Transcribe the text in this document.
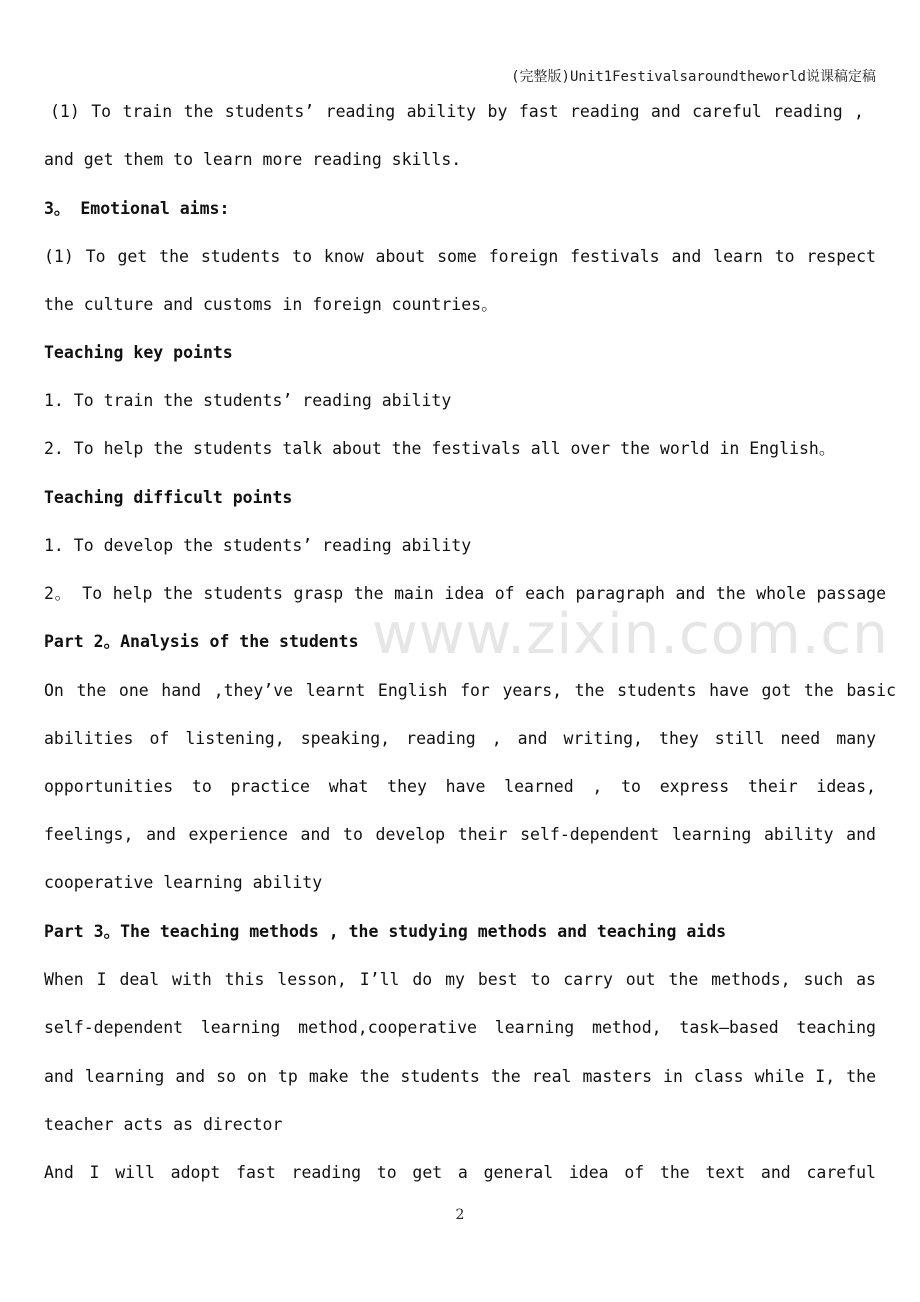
(完整版)Unit1Festivalsaroundtheworld说课稿定稿
www.zixin.com.cn
(1) To train the students’ reading ability by fast reading and careful reading ,
and get them to learn more reading skills.
3。 Emotional aims:
(1) To get the students to know about some foreign festivals and learn to respect
the culture and customs in foreign countries。
Teaching key points
1. To train the students’ reading ability
2. To help the students talk about the festivals all over the world in English。
Teaching difficult points
1. To develop the students’ reading ability
2。 To help the students grasp the main idea of each paragraph and the whole passage
Part 2。Analysis of the students
On the one hand ,they’ve learnt English for years, the students have got the basic
abilities of listening, speaking, reading , and writing, they still need many
opportunities to practice what they have learned , to express their ideas,
feelings, and experience and to develop their self-dependent learning ability and
cooperative learning ability
Part 3。The teaching methods , the studying methods and teaching aids
When I deal with this lesson, I’ll do my best to carry out the methods, such as
self-dependent learning method,cooperative learning method, task—based teaching
and learning and so on tp make the students the real masters in class while I, the
teacher acts as director
And I will adopt fast reading to get a general idea of the text and careful
2
